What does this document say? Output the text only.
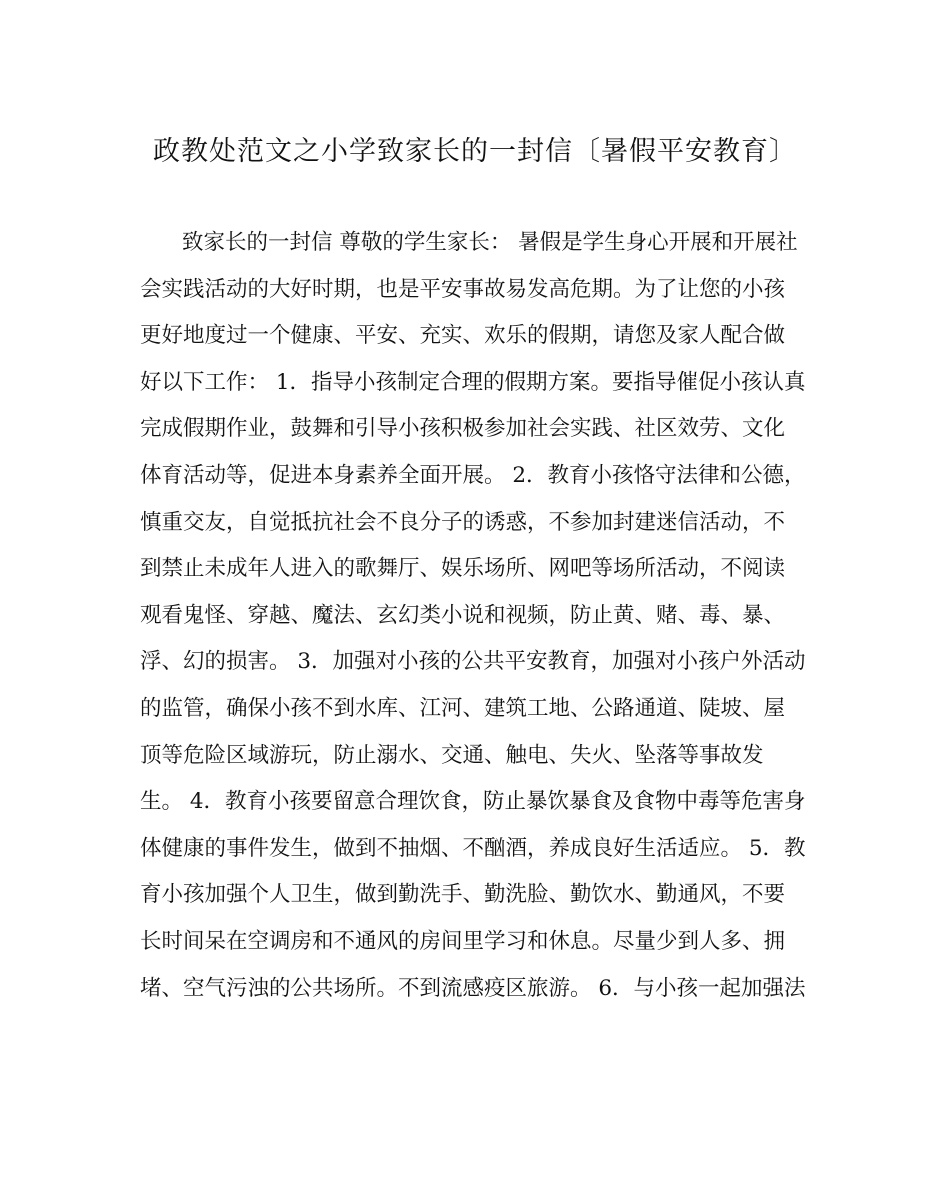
政教处范文之小学致家长的一封信〔暑假平安教育〕
致家长的一封信 尊敬的学生家长： 暑假是学生身心开展和开展社
会实践活动的大好时期，也是平安事故易发高危期。为了让您的小孩
更好地度过一个健康、平安、充实、欢乐的假期，请您及家人配合做
好以下工作： 1．指导小孩制定合理的假期方案。要指导催促小孩认真
完成假期作业，鼓舞和引导小孩积极参加社会实践、社区效劳、文化
体育活动等，促进本身素养全面开展。 2．教育小孩恪守法律和公德，
慎重交友，自觉抵抗社会不良分子的诱惑，不参加封建迷信活动，不
到禁止未成年人进入的歌舞厅、娱乐场所、网吧等场所活动，不阅读
观看鬼怪、穿越、魔法、玄幻类小说和视频，防止黄、赌、毒、暴、
浮、幻的损害。 3．加强对小孩的公共平安教育，加强对小孩户外活动
的监管，确保小孩不到水库、江河、建筑工地、公路通道、陡坡、屋
顶等危险区域游玩，防止溺水、交通、触电、失火、坠落等事故发
生。 4．教育小孩要留意合理饮食，防止暴饮暴食及食物中毒等危害身
体健康的事件发生，做到不抽烟、不酗酒，养成良好生活适应。 5．教
育小孩加强个人卫生，做到勤洗手、勤洗脸、勤饮水、勤通风，不要
长时间呆在空调房和不通风的房间里学习和休息。尽量少到人多、拥
堵、空气污浊的公共场所。不到流感疫区旅游。 6．与小孩一起加强法
